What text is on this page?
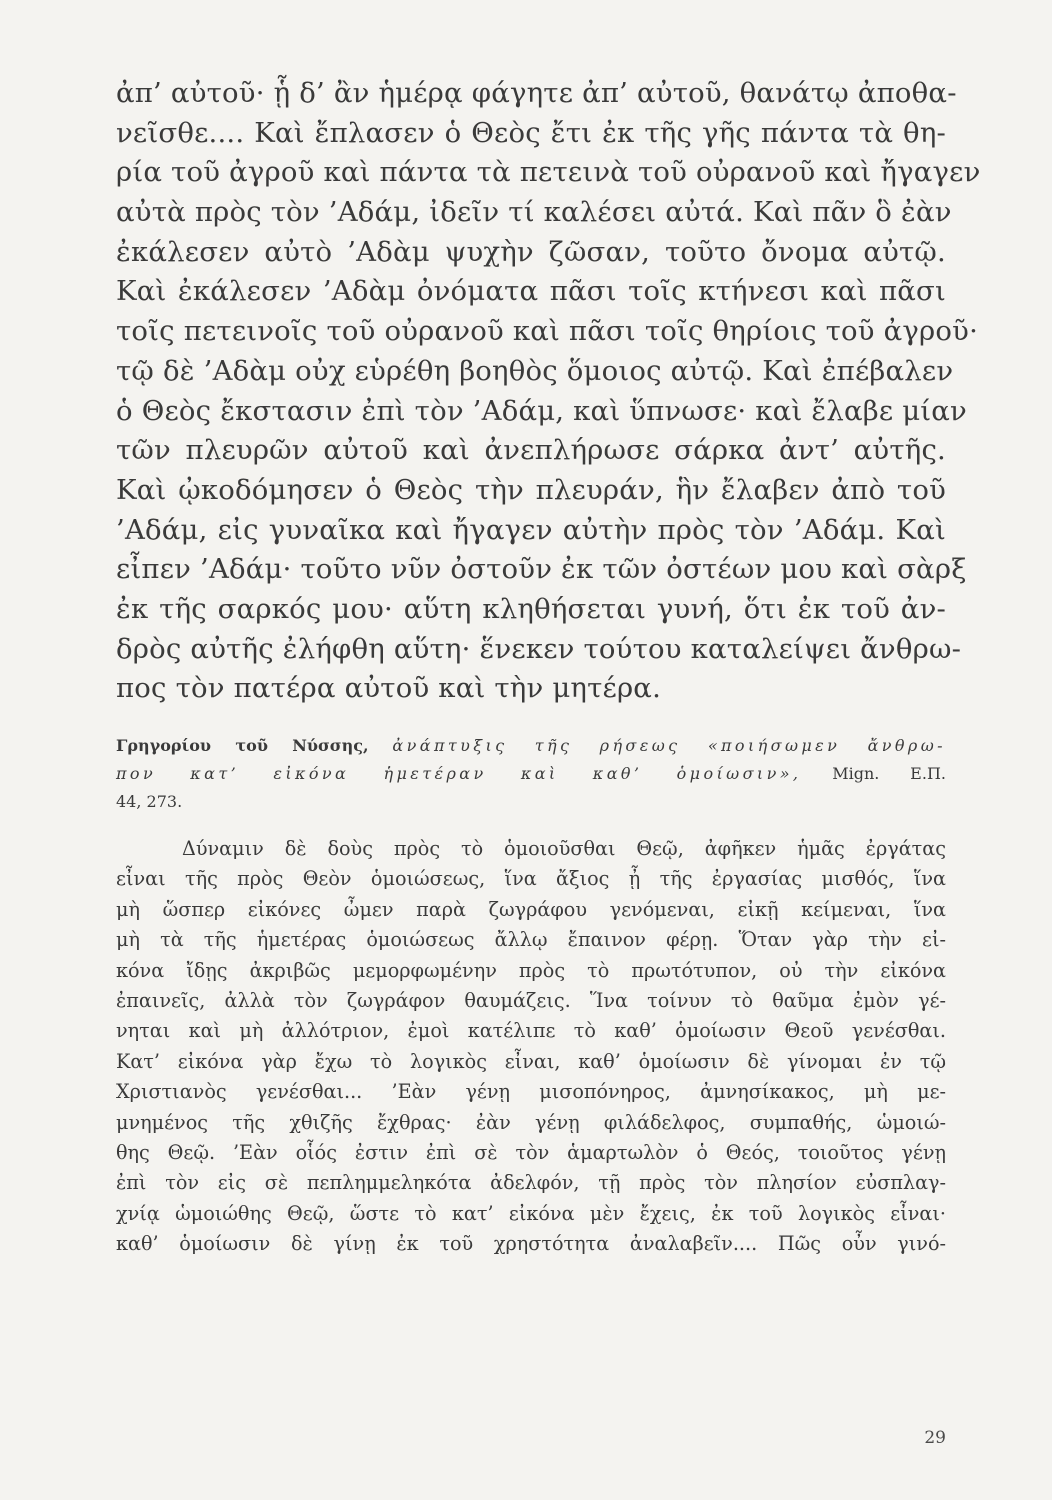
ἀπ’ αὐτοῦ· ᾗ δ’ ἂν ἡμέρᾳ φάγητε ἀπ’ αὐτοῦ, θανάτῳ ἀποθα-
νεῖσθε.... Καὶ ἔπλασεν ὁ Θεὸς ἔτι ἐκ τῆς γῆς πάντα τὰ θη-
ρία τοῦ ἀγροῦ καὶ πάντα τὰ πετεινὰ τοῦ οὐρανοῦ καὶ ἤγαγεν
αὐτὰ πρὸς τὸν ’Αδάμ, ἰδεῖν τί καλέσει αὐτά. Καὶ πᾶν ὃ ἐὰν
ἐκάλεσεν αὐτὸ ’Αδὰμ ψυχὴν ζῶσαν, τοῦτο ὄνομα αὐτῷ.
Καὶ ἐκάλεσεν ’Αδὰμ ὀνόματα πᾶσι τοῖς κτήνεσι καὶ πᾶσι
τοῖς πετεινοῖς τοῦ οὐρανοῦ καὶ πᾶσι τοῖς θηρίοις τοῦ ἀγροῦ·
τῷ δὲ ’Αδὰμ οὐχ εὑρέθη βοηθὸς ὅμοιος αὐτῷ. Καὶ ἐπέβαλεν
ὁ Θεὸς ἔκστασιν ἐπὶ τὸν ’Αδάμ, καὶ ὕπνωσε· καὶ ἔλαβε μίαν
τῶν πλευρῶν αὐτοῦ καὶ ἀνεπλήρωσε σάρκα ἀντ’ αὐτῆς.
Καὶ ᾠκοδόμησεν ὁ Θεὸς τὴν πλευράν, ἣν ἔλαβεν ἀπὸ τοῦ
’Αδάμ, εἰς γυναῖκα καὶ ἤγαγεν αὐτὴν πρὸς τὸν ’Αδάμ. Καὶ
εἶπεν ’Αδάμ· τοῦτο νῦν ὀστοῦν ἐκ τῶν ὀστέων μου καὶ σὰρξ
ἐκ τῆς σαρκός μου· αὕτη κληθήσεται γυνή, ὅτι ἐκ τοῦ ἀν-
δρὸς αὐτῆς ἐλήφθη αὕτη· ἕνεκεν τούτου καταλείψει ἄνθρω-
πος τὸν πατέρα αὐτοῦ καὶ τὴν μητέρα.
Γρηγορίου τοῦ Νύσσης, ἀνάπτυξις τῆς ρήσεως «ποιήσωμεν ἄνθρω-
πον κατ’ εἰκόνα ἡμετέραν καὶ καθ’ ὁμοίωσιν», Mign. Ε.Π.
44, 273.
Δύναμιν δὲ δοὺς πρὸς τὸ ὁμοιοῦσθαι Θεῷ, ἀφῆκεν ἡμᾶς ἐργάτας
εἶναι τῆς πρὸς Θεὸν ὁμοιώσεως, ἵνα ἄξιος ᾖ τῆς ἐργασίας μισθός, ἵνα
μὴ ὥσπερ εἰκόνες ὦμεν παρὰ ζωγράφου γενόμεναι, εἰκῇ κείμεναι, ἵνα
μὴ τὰ τῆς ἡμετέρας ὁμοιώσεως ἄλλῳ ἔπαινον φέρῃ. Ὅταν γὰρ τὴν εἰ-
κόνα ἴδῃς ἀκριβῶς μεμορφωμένην πρὸς τὸ πρωτότυπον, οὐ τὴν εἰκόνα
ἐπαινεῖς, ἀλλὰ τὸν ζωγράφον θαυμάζεις. Ἵνα τοίνυν τὸ θαῦμα ἐμὸν γέ-
νηται καὶ μὴ ἀλλότριον, ἐμοὶ κατέλιπε τὸ καθ’ ὁμοίωσιν Θεοῦ γενέσθαι.
Κατ’ εἰκόνα γὰρ ἔχω τὸ λογικὸς εἶναι, καθ’ ὁμοίωσιν δὲ γίνομαι ἐν τῷ
Χριστιανὸς γενέσθαι... ’Εὰν γένῃ μισοπόνηρος, ἀμνησίκακος, μὴ με-
μνημένος τῆς χθιζῆς ἔχθρας· ἐὰν γένῃ φιλάδελφος, συμπαθής, ὡμοιώ-
θης Θεῷ. ’Εὰν οἷός ἐστιν ἐπὶ σὲ τὸν ἁμαρτωλὸν ὁ Θεός, τοιοῦτος γένῃ
ἐπὶ τὸν εἰς σὲ πεπλημμεληκότα ἀδελφόν, τῇ πρὸς τὸν πλησίον εὐσπλαγ-
χνίᾳ ὡμοιώθης Θεῷ, ὥστε τὸ κατ’ εἰκόνα μὲν ἔχεις, ἐκ τοῦ λογικὸς εἶναι·
καθ’ ὁμοίωσιν δὲ γίνῃ ἐκ τοῦ χρηστότητα ἀναλαβεῖν.... Πῶς οὖν γινό-
29
